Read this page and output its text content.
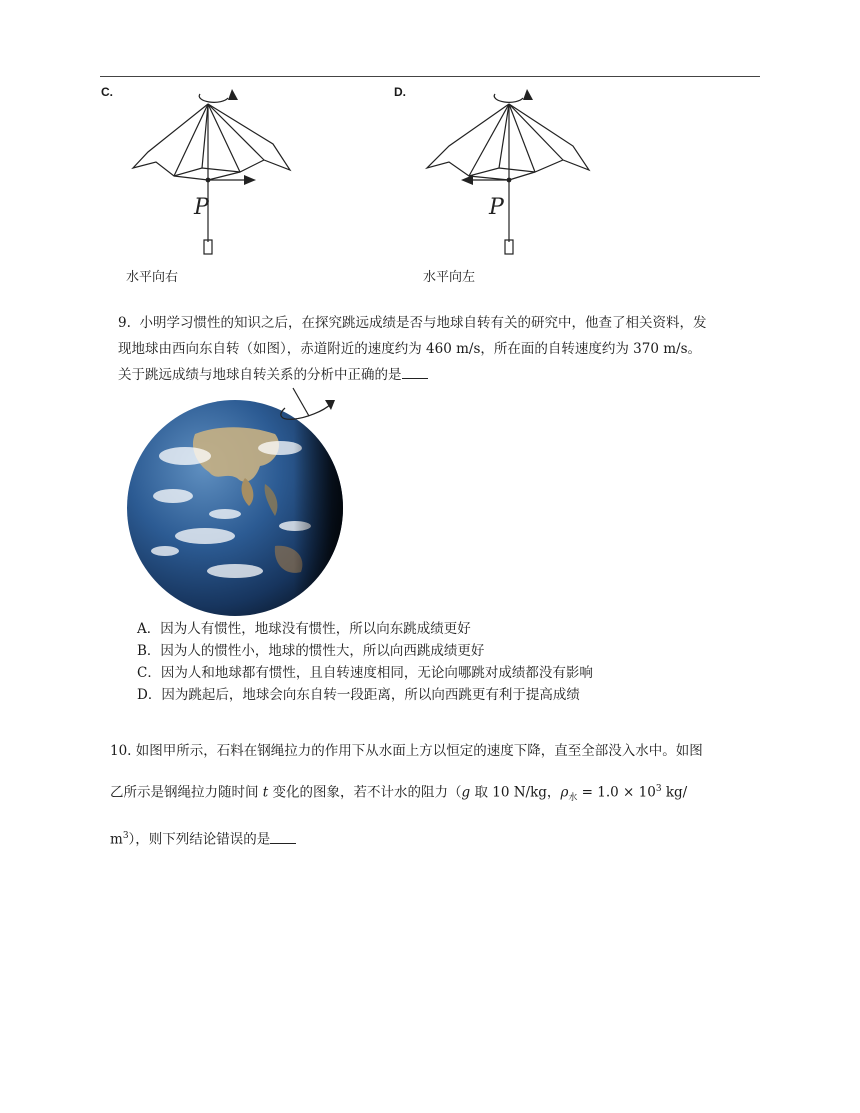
C.
P
水平向右
D.
P
水平向左
9. 小明学习惯性的知识之后，在探究跳远成绩是否与地球自转有关的研究中，他查了相关资料，发
现地球由西向东自转（如图），赤道附近的速度约为 460 m/s，所在面的自转速度约为 370 m/s。
关于跳远成绩与地球自转关系的分析中正确的是
A．因为人有惯性，地球没有惯性，所以向东跳成绩更好
B．因为人的惯性小，地球的惯性大，所以向西跳成绩更好
C．因为人和地球都有惯性，且自转速度相同，无论向哪跳对成绩都没有影响
D．因为跳起后，地球会向东自转一段距离，所以向西跳更有利于提高成绩
10. 如图甲所示，石料在钢绳拉力的作用下从水面上方以恒定的速度下降，直至全部没入水中。如图
乙所示是钢绳拉力随时间 t 变化的图象，若不计水的阻力（g 取 10 N/kg，$\rho_水 = 1.0 \times 10^3$ kg/
$m^3$），则下列结论错误的是
